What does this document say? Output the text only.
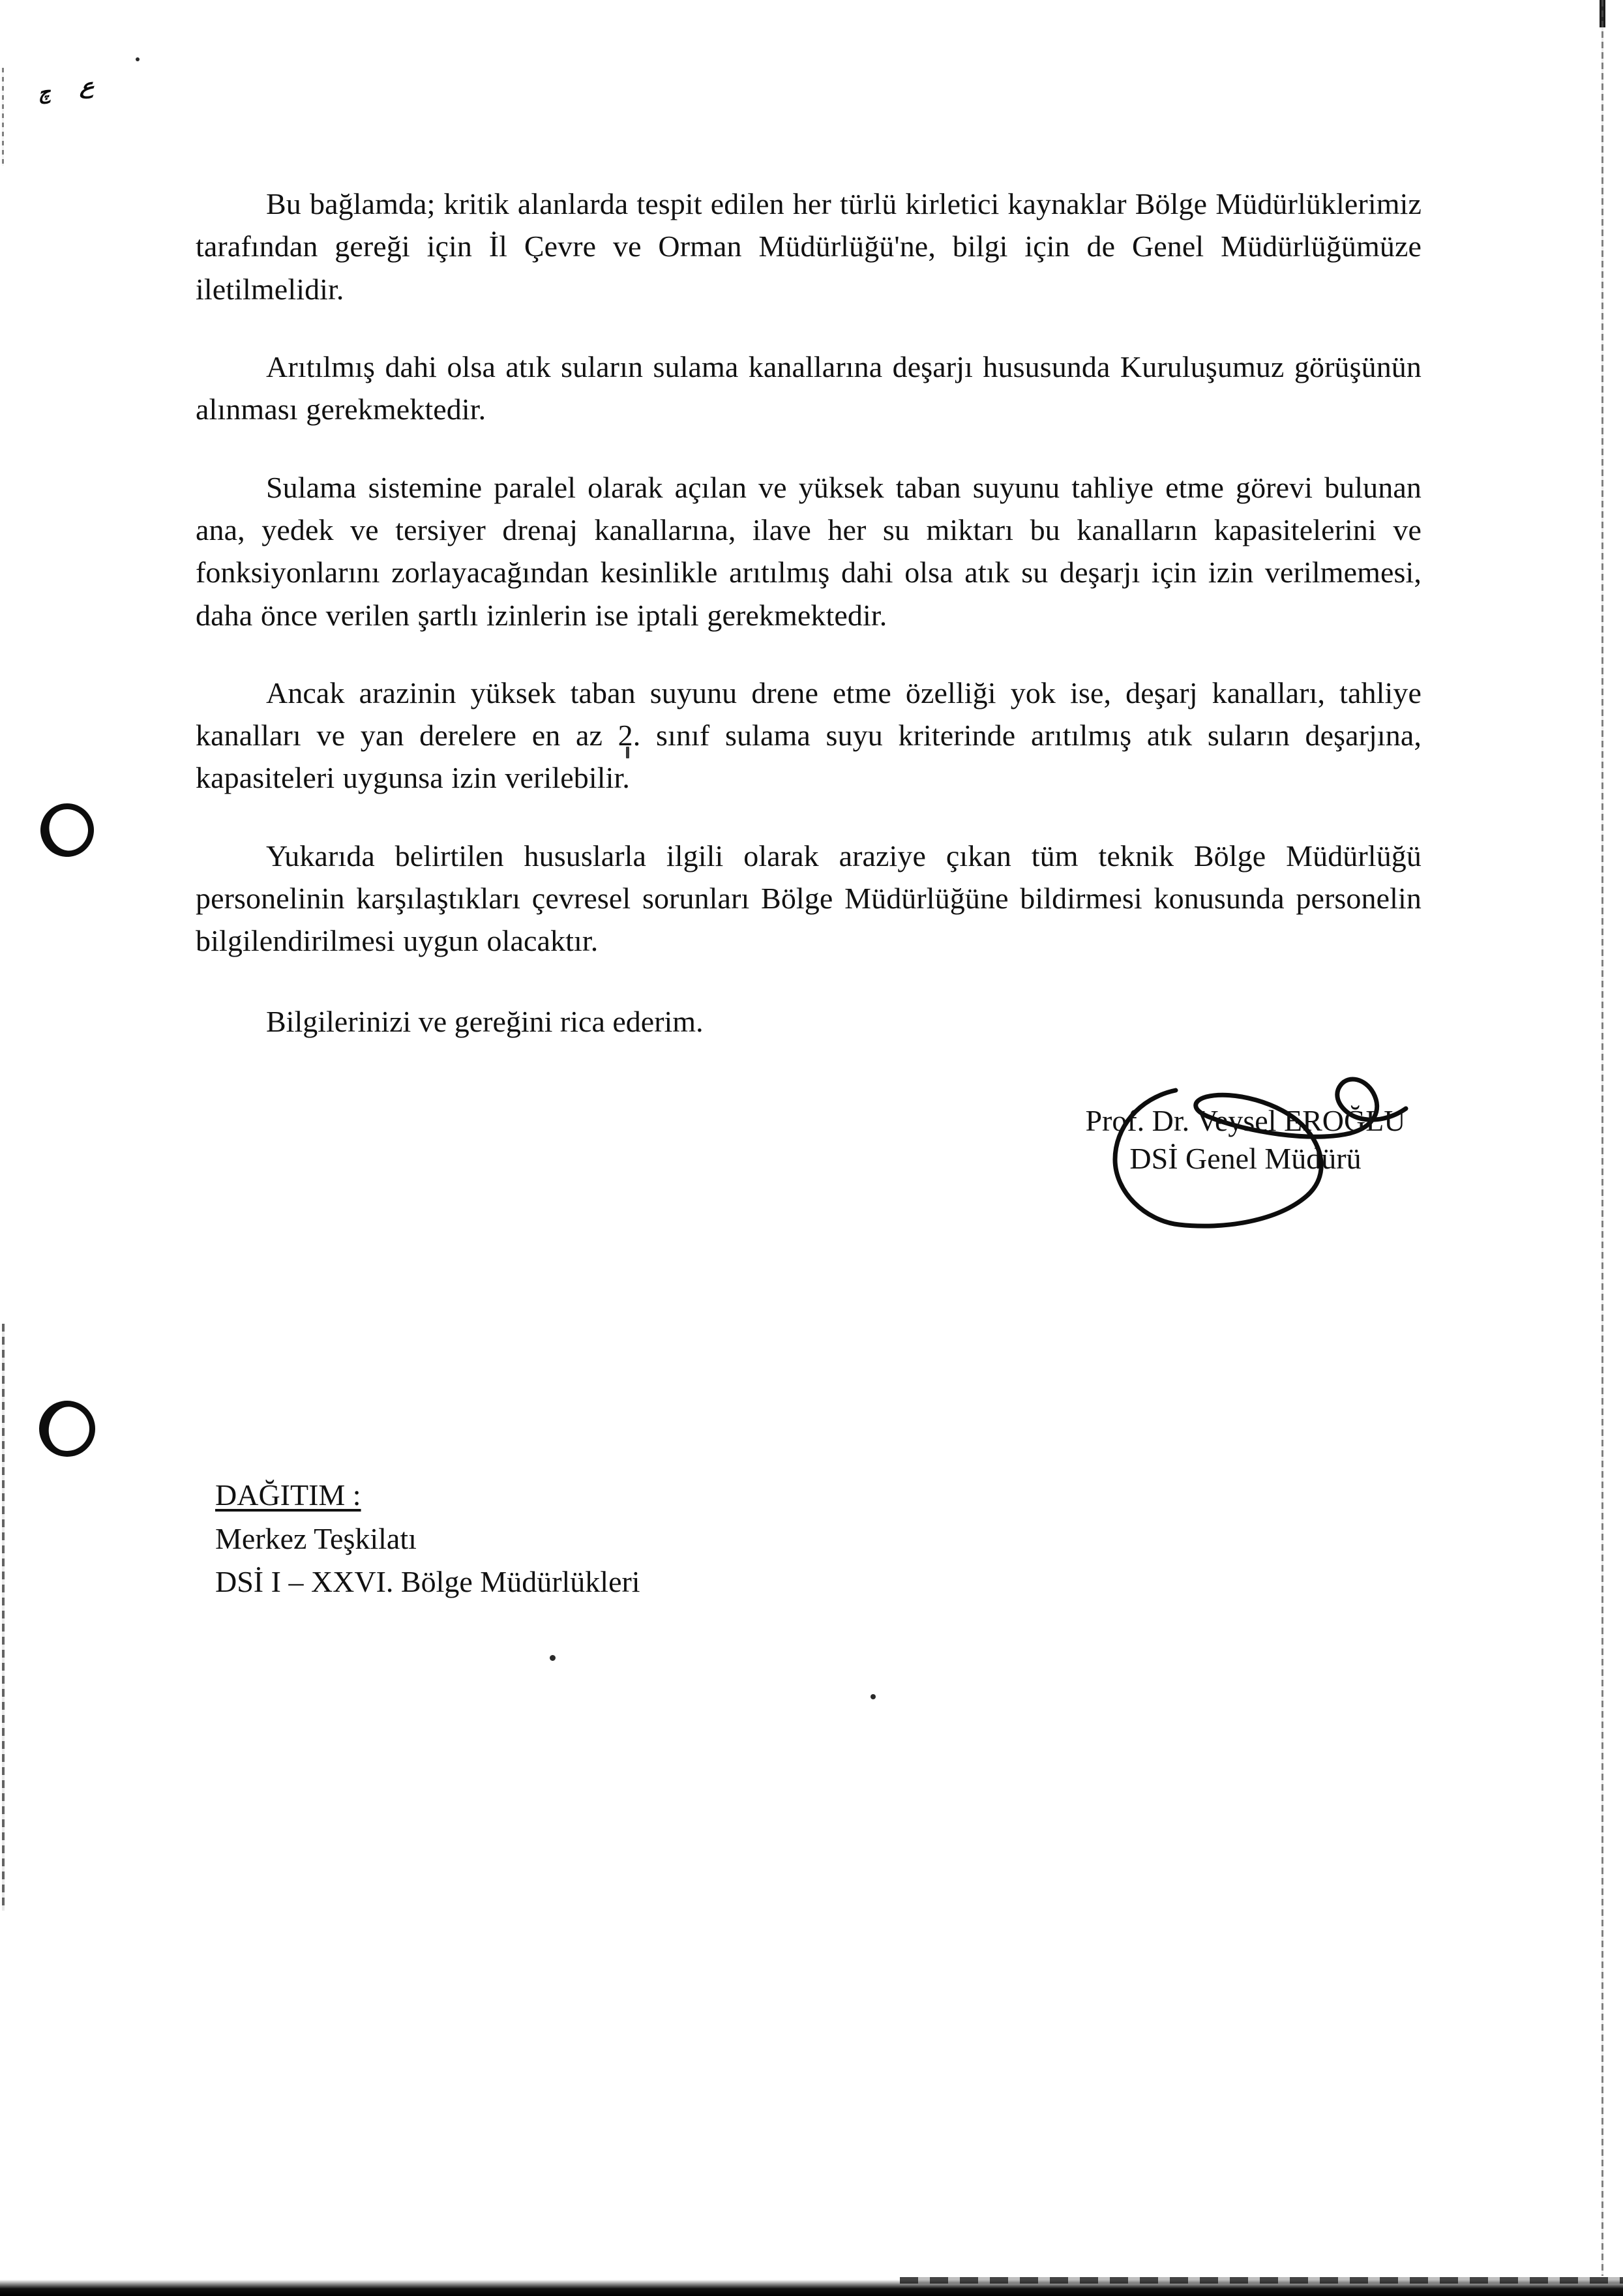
چ ع

Bu bağlamda; kritik alanlarda tespit edilen her türlü kirletici kaynaklar Bölge Müdürlüklerimiz tarafından gereği için İl Çevre ve Orman Müdürlüğü'ne, bilgi için de Genel Müdürlüğümüze iletilmelidir.

Arıtılmış dahi olsa atık suların sulama kanallarına deşarjı hususunda Kuruluşumuz görüşünün alınması gerekmektedir.

Sulama sistemine paralel olarak açılan ve yüksek taban suyunu tahliye etme görevi bulunan ana, yedek ve tersiyer drenaj kanallarına, ilave her su miktarı bu kanalların kapasitelerini ve fonksiyonlarını zorlayacağından kesinlikle arıtılmış dahi olsa atık su deşarjı için izin verilmemesi, daha önce verilen şartlı izinlerin ise iptali gerekmektedir.

Ancak arazinin yüksek taban suyunu drene etme özelliği yok ise, deşarj kanalları, tahliye kanalları ve yan derelere en az 2. sınıf sulama suyu kriterinde arıtılmış atık suların deşarjına, kapasiteleri uygunsa izin verilebilir.

Yukarıda belirtilen hususlarla ilgili olarak araziye çıkan tüm teknik Bölge Müdürlüğü personelinin karşılaştıkları çevresel sorunları Bölge Müdürlüğüne bildirmesi konusunda personelin bilgilendirilmesi uygun olacaktır.

Bilgilerinizi ve gereğini rica ederim.

Prof. Dr. Veysel EROĞLU
DSİ Genel Müdürü
DAĞITIM :
Merkez Teşkilatı
DSİ I – XXVI. Bölge Müdürlükleri
